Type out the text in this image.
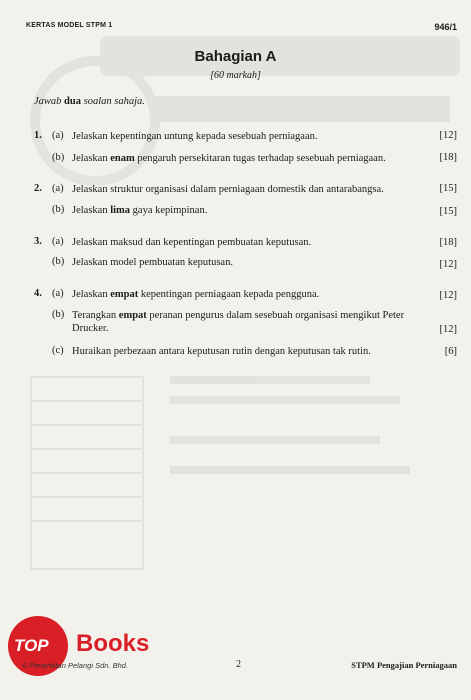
KERTAS MODEL STPM 1	946/1
Bahagian A
[60 markah]
Jawab dua soalan sahaja.
1. (a) Jelaskan kepentingan untung kepada sesebuah perniagaan.	[12]
(b) Jelaskan enam pengaruh persekitaran tugas terhadap sesebuah perniagaan.	[18]
2. (a) Jelaskan struktur organisasi dalam perniagaan domestik dan antarabangsa.	[15]
(b) Jelaskan lima gaya kepimpinan.	[15]
3. (a) Jelaskan maksud dan kepentingan pembuatan keputusan.	[18]
(b) Jelaskan model pembuatan keputusan.	[12]
4. (a) Jelaskan empat kepentingan perniagaan kepada pengguna.	[12]
(b) Terangkan empat peranan pengurus dalam sesebuah organisasi mengikut Peter
Drucker.	[12]
(c) Huraikan perbezaan antara keputusan rutin dengan keputusan tak rutin.	[6]
TOP Books
© Penerbitan Pelangi Sdn. Bhd.	2	STPM Pengajian Perniagaan
